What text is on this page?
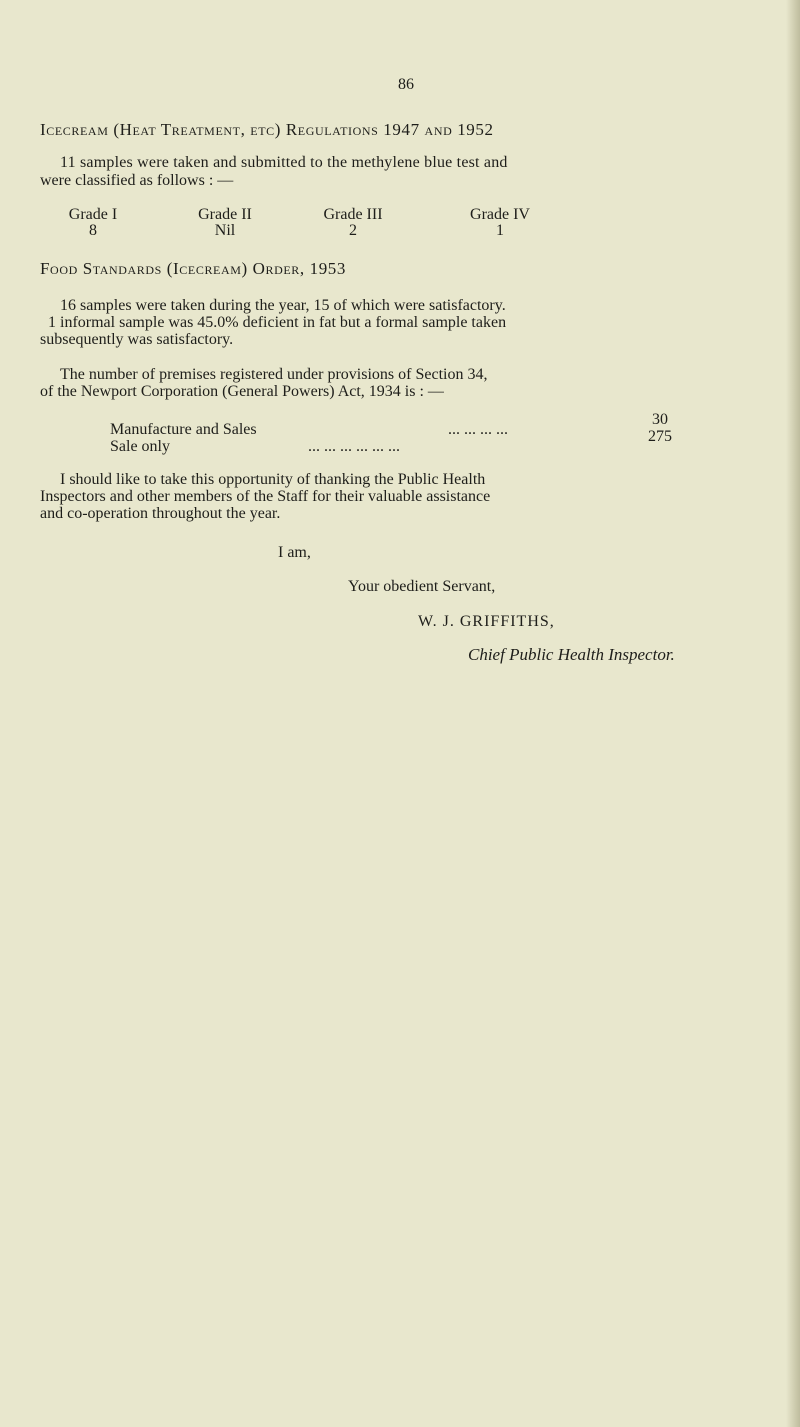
86
Icecream (Heat Treatment, etc) Regulations 1947 and 1952
11 samples were taken and submitted to the methylene blue test and
were classified as follows : —
Grade I
8
Grade II
Nil
Grade III
2
Grade IV
1
Food Standards (Icecream) Order, 1953
16 samples were taken during the year, 15 of which were satisfactory.
1 informal sample was 45.0% deficient in fat but a formal sample taken
subsequently was satisfactory.
The number of premises registered under provisions of Section 34,
of the Newport Corporation (General Powers) Act, 1934 is : —
Manufacture and Sales	... ... ... ...
30
Sale only	... ... ... ... ... ...
275
I should like to take this opportunity of thanking the Public Health
Inspectors and other members of the Staff for their valuable assistance
and co-operation throughout the year.
I am,
Your obedient Servant,
W. J. GRIFFITHS,
Chief Public Health Inspector.
